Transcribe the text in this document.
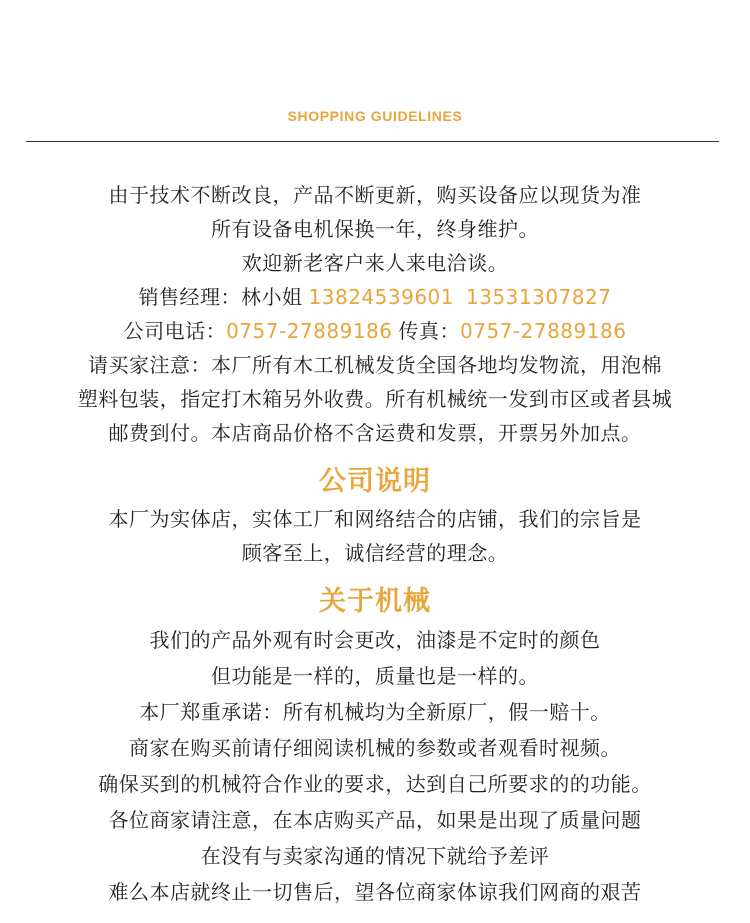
SHOPPING GUIDELINES
由于技术不断改良，产品不断更新，购买设备应以现货为准
所有设备电机保换一年，终身维护。
欢迎新老客户来人来电洽谈。
销售经理：林小姐 13824539601 13531307827
公司电话：0757-27889186 传真：0757-27889186
请买家注意：本厂所有木工机械发货全国各地均发物流，用泡棉
塑料包装，指定打木箱另外收费。所有机械统一发到市区或者县城
邮费到付。本店商品价格不含运费和发票，开票另外加点。
公司说明
本厂为实体店，实体工厂和网络结合的店铺，我们的宗旨是
顾客至上，诚信经营的理念。
关于机械
我们的产品外观有时会更改，油漆是不定时的颜色
但功能是一样的，质量也是一样的。
本厂郑重承诺：所有机械均为全新原厂，假一赔十。
商家在购买前请仔细阅读机械的参数或者观看时视频。
确保买到的机械符合作业的要求，达到自己所要求的的功能。
各位商家请注意，在本店购买产品，如果是出现了质量问题
在没有与卖家沟通的情况下就给予差评
难么本店就终止一切售后，望各位商家体谅我们网商的艰苦
